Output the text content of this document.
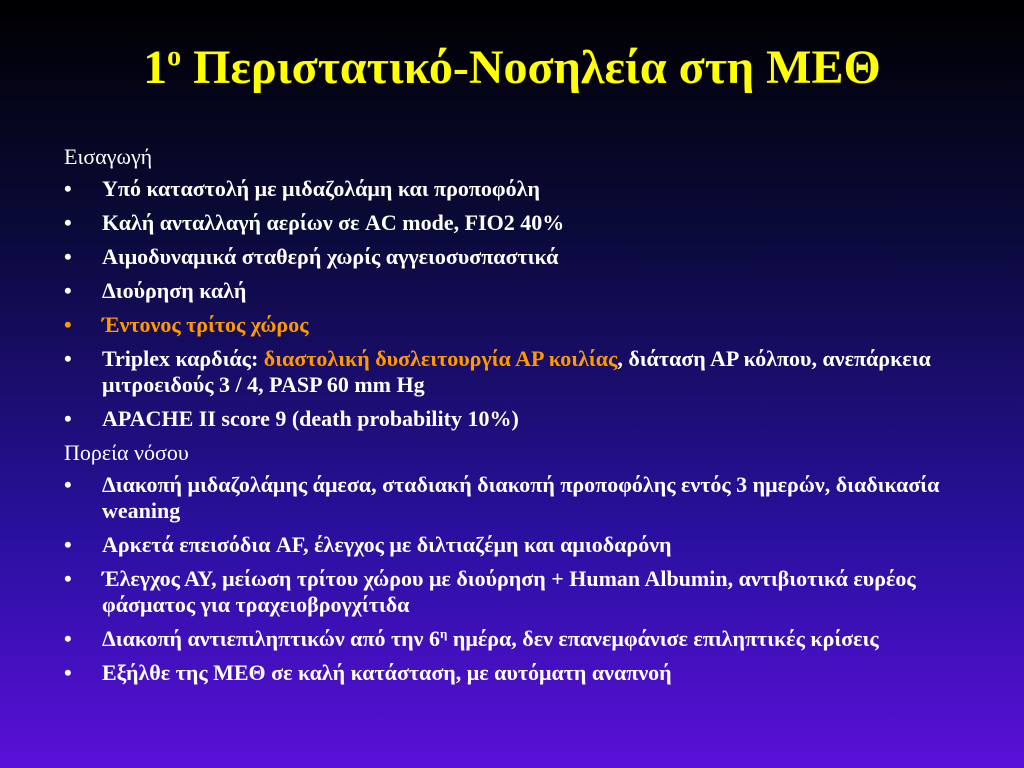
$1^o$ Περιστατικό-Νοσηλεία στη ΜΕΘ
Εισαγωγή
• Υπό καταστολή με μιδαζολάμη και προποφόλη
• Καλή ανταλλαγή αερίων σε AC mode, FIO2 40%
• Αιμοδυναμικά σταθερή χωρίς αγγειοσυσπαστικά
• Διούρηση καλή
• Έντονος τρίτος χώρος
• Triplex καρδιάς: διαστολική δυσλειτουργία ΑΡ κοιλίας, διάταση ΑΡ κόλπου, ανεπάρκεια μιτροειδούς 3 / 4, PASP 60 mm Hg
• APACHE II score 9 (death probability 10%)
Πορεία νόσου
• Διακοπή μιδαζολάμης άμεσα, σταδιακή διακοπή προποφόλης εντός 3 ημερών, διαδικασία weaning
• Αρκετά επεισόδια AF, έλεγχος με διλτιαζέμη και αμιοδαρόνη
• Έλεγχος ΑΥ, μείωση τρίτου χώρου με διούρηση + Human Albumin, αντιβιοτικά ευρέος φάσματος για τραχειοβρογχίτιδα
• Διακοπή αντιεπιληπτικών από την $6^\eta$ ημέρα, δεν επανεμφάνισε επιληπτικές κρίσεις
• Εξήλθε της ΜΕΘ σε καλή κατάσταση, με αυτόματη αναπνοή
